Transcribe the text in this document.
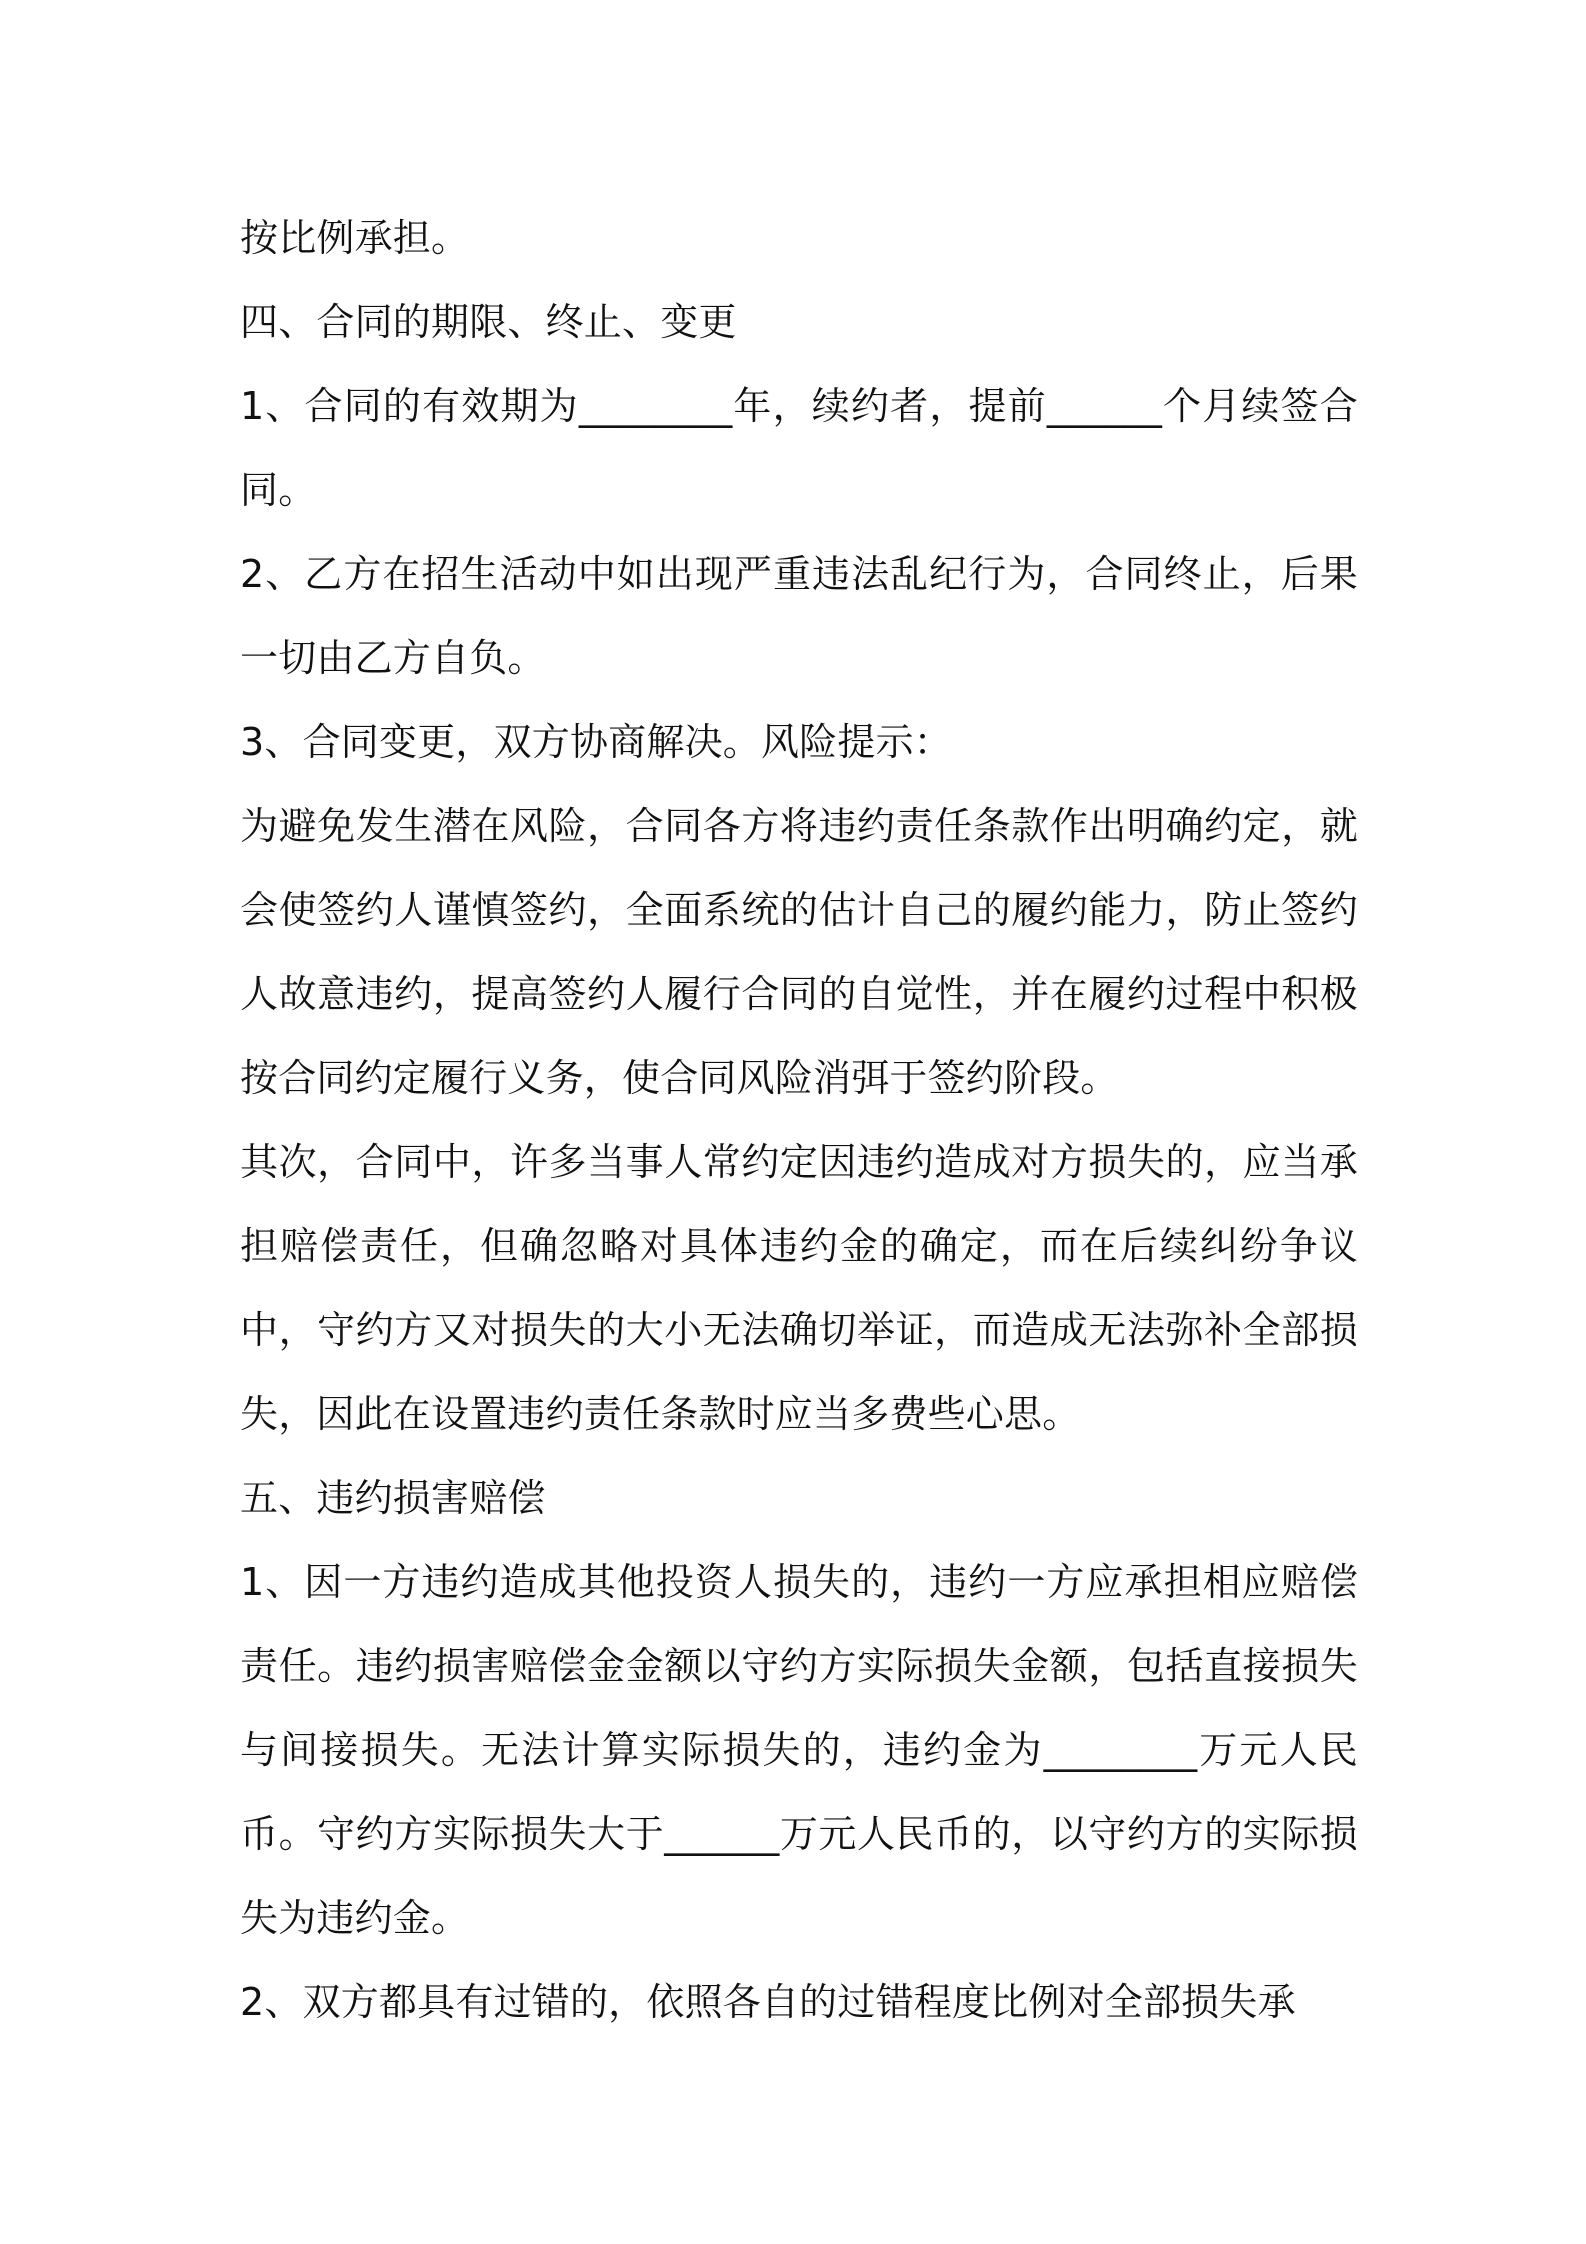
按比例承担。

四、合同的期限、终止、变更

1、合同的有效期为________年，续约者，提前______个月续签合同。

2、乙方在招生活动中如出现严重违法乱纪行为，合同终止，后果一切由乙方自负。

3、合同变更，双方协商解决。风险提示：

为避免发生潜在风险，合同各方将违约责任条款作出明确约定，就会使签约人谨慎签约，全面系统的估计自己的履约能力，防止签约人故意违约，提高签约人履行合同的自觉性，并在履约过程中积极按合同约定履行义务，使合同风险消弭于签约阶段。

其次，合同中，许多当事人常约定因违约造成对方损失的，应当承担赔偿责任，但确忽略对具体违约金的确定，而在后续纠纷争议中，守约方又对损失的大小无法确切举证，而造成无法弥补全部损失，因此在设置违约责任条款时应当多费些心思。

五、违约损害赔偿

1、因一方违约造成其他投资人损失的，违约一方应承担相应赔偿责任。违约损害赔偿金金额以守约方实际损失金额，包括直接损失与间接损失。无法计算实际损失的，违约金为________万元人民币。守约方实际损失大于______万元人民币的，以守约方的实际损失为违约金。

2、双方都具有过错的，依照各自的过错程度比例对全部损失承
